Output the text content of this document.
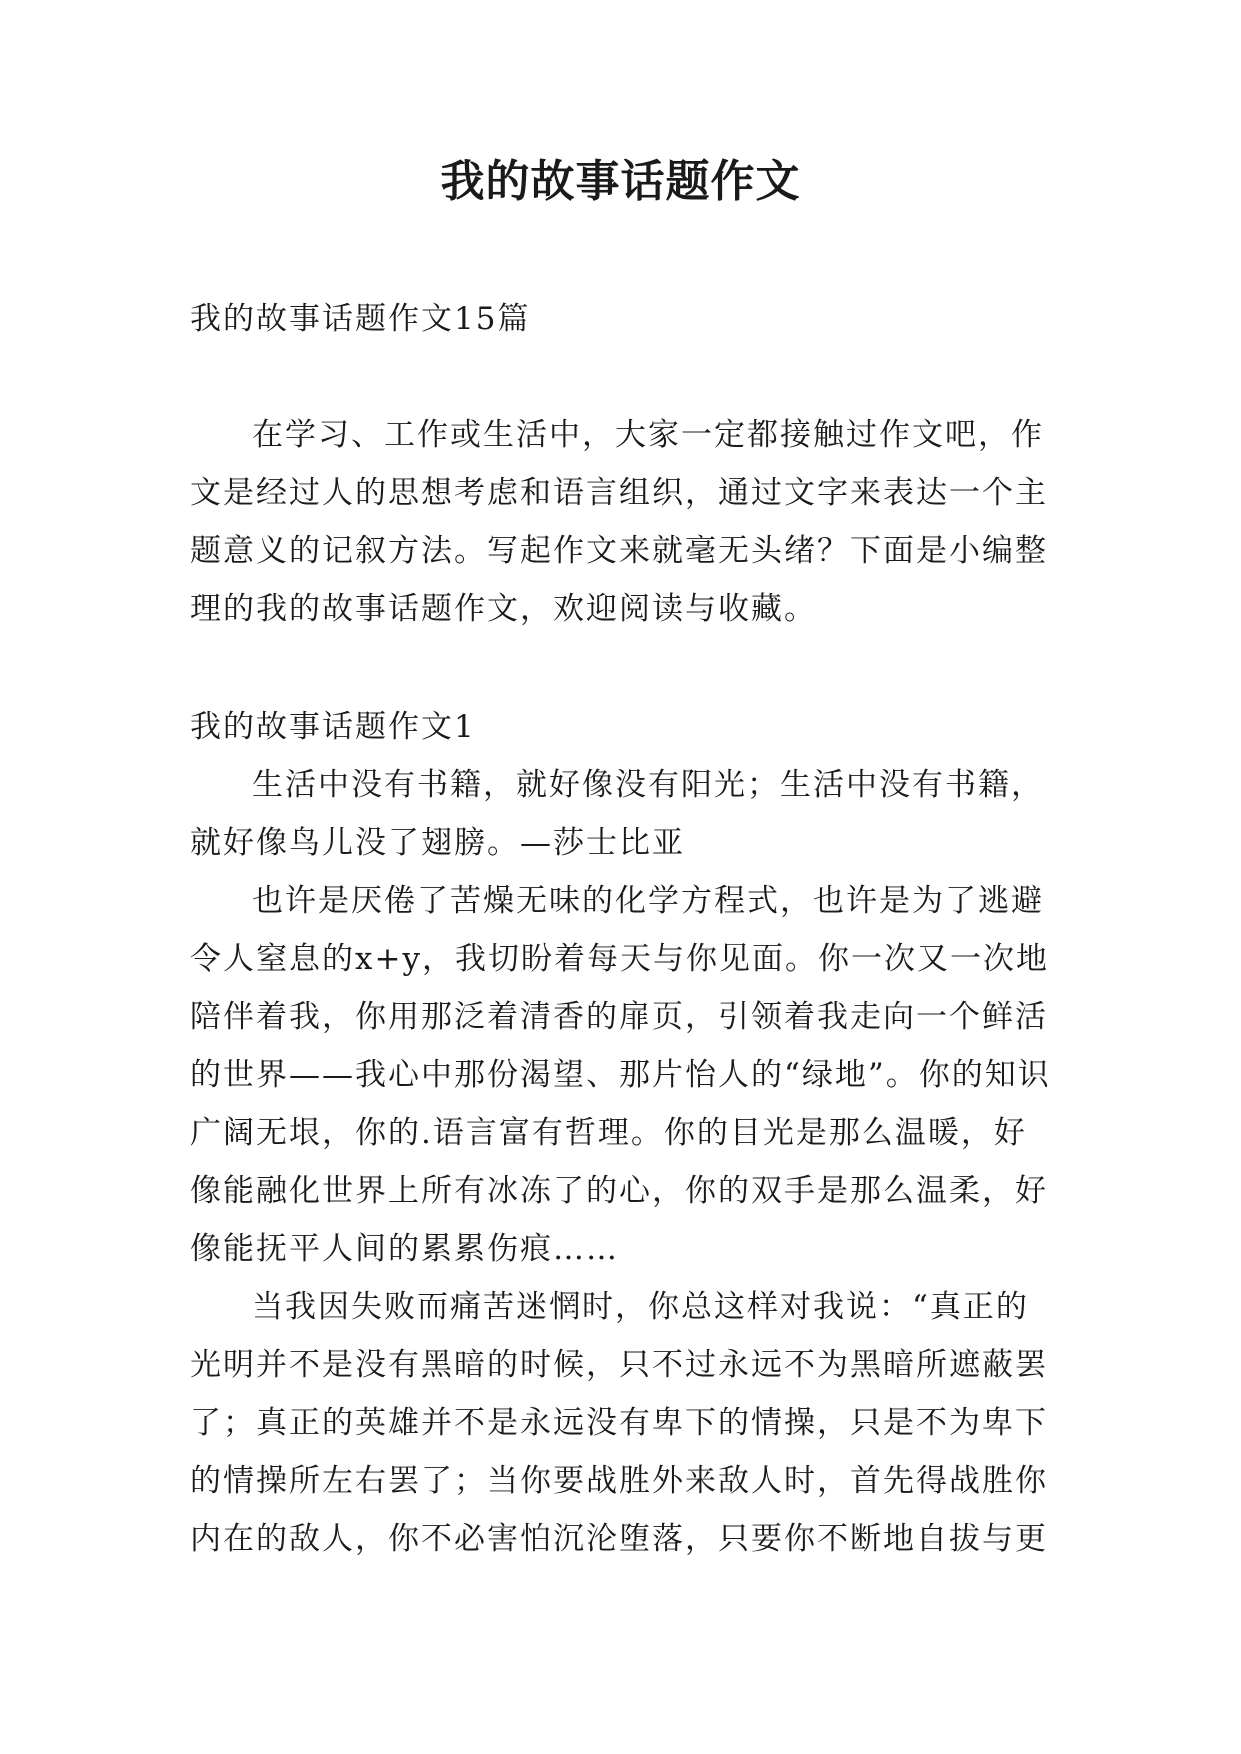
我的故事话题作文

我的故事话题作文15篇

在学习、工作或生活中，大家一定都接触过作文吧，作文是经过人的思想考虑和语言组织，通过文字来表达一个主题意义的记叙方法。写起作文来就毫无头绪？下面是小编整理的我的故事话题作文，欢迎阅读与收藏。

我的故事话题作文1

生活中没有书籍，就好像没有阳光；生活中没有书籍，就好像鸟儿没了翅膀。—莎士比亚

也许是厌倦了苦燥无味的化学方程式，也许是为了逃避令人窒息的x+y，我切盼着每天与你见面。你一次又一次地陪伴着我，你用那泛着清香的扉页，引领着我走向一个鲜活的世界——我心中那份渴望、那片怡人的“绿地”。你的知识广阔无垠，你的.语言富有哲理。你的目光是那么温暖，好像能融化世界上所有冰冻了的心，你的双手是那么温柔，好像能抚平人间的累累伤痕……

当我因失败而痛苦迷惘时，你总这样对我说：“真正的光明并不是没有黑暗的时候，只不过永远不为黑暗所遮蔽罢了；真正的英雄并不是永远没有卑下的情操，只是不为卑下的情操所左右罢了；当你要战胜外来敌人时，首先得战胜你内在的敌人，你不必害怕沉沦堕落，只要你不断地自拔与更
